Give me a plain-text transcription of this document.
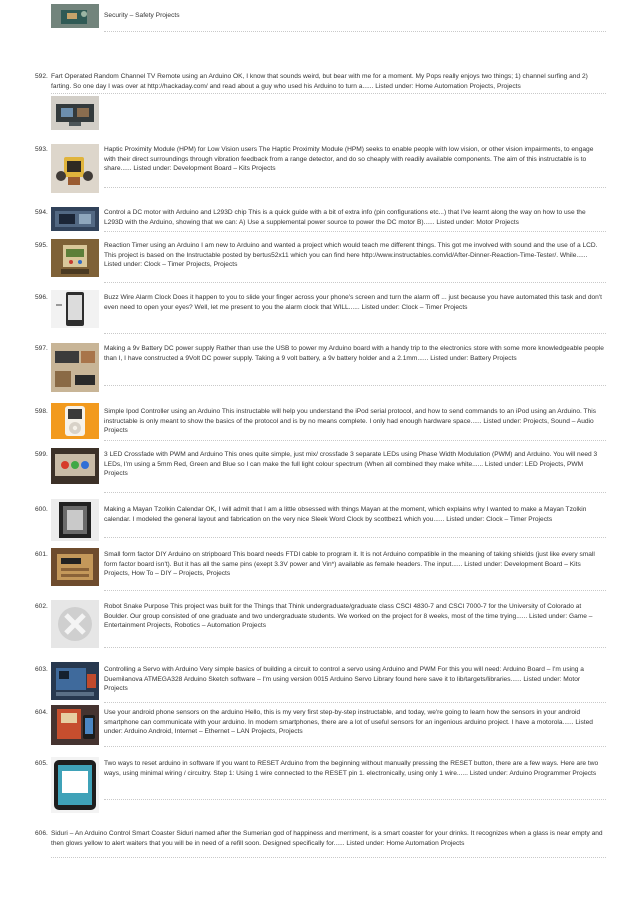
Security – Safety Projects
592. Fart Operated Random Channel TV Remote using an Arduino OK, I know that sounds weird, but bear with me for a moment. My Pops really enjoys two things; 1) channel surfing and 2) farting. So one day I was over at http://hackaday.com/ and read about a guy who used his Arduino to turn a...... Listed under: Home Automation Projects, Projects
593.	Haptic Proximity Module (HPM) for Low Vision users The Haptic Proximity Module (HPM) seeks to enable people with low vision, or other vision impairments, to engage with their direct surroundings through vibration feedback from a range detector, and do so cheaply with readily available components. The aim of this instructable is to share...... Listed under: Development Board – Kits Projects
594.	Control a DC motor with Arduino and L293D chip This is a quick guide with a bit of extra info (pin configurations etc...) that I've learnt along the way on how to use the L293D with the Arduino, showing that we can: A) Use a supplemental power source to power the DC motor B)...... Listed under: Motor Projects
595.	Reaction Timer using an Arduino I am new to Arduino and wanted a project which would teach me different things. This got me involved with sound and the use of a LCD. This project is based on the Instructable posted by bertus52x11 which you can find here http://www.instructables.com/id/After-Dinner-Reaction-Time-Tester/. While...... Listed under: Clock – Timer Projects, Projects
596.	Buzz Wire Alarm Clock Does it happen to you to slide your finger across your phone's screen and turn the alarm off ... just because you have automated this task and don't even need to open your eyes? Well, let me present to you the alarm clock that WILL...... Listed under: Clock – Timer Projects
597.	Making a 9v Battery DC power supply Rather than use the USB to power my Arduino board with a handy trip to the electronics store with some more knowledgeable people than I, I have constructed a 9Volt DC power supply. Taking a 9 volt battery, a 9v battery holder and a 2.1mm...... Listed under: Battery Projects
598.	Simple Ipod Controller using an Arduino This instructable will help you understand the iPod serial protocol, and how to send commands to an iPod using an Arduino. This instructable is only meant to show the basics of the protocol and is by no means complete. I only had enough hardware space...... Listed under: Projects, Sound – Audio Projects
599.	3 LED Crossfade with PWM and Arduino This ones quite simple, just mix/ crossfade 3 separate LEDs using Phase Width Modulation (PWM) and Arduino. You will need 3 LEDs, I'm using a 5mm Red, Green and Blue so I can make the full light colour spectrum (When all combined they make white...... Listed under: LED Projects, PWM Projects
600.	Making a Mayan Tzolkin Calendar OK, I will admit that I am a little obsessed with things Mayan at the moment, which explains why I wanted to make a Mayan Tzolkin calendar. I modeled the general layout and fabrication on the very nice Sleek Word Clock by scottbez1 which you...... Listed under: Clock – Timer Projects
601.	Small form factor DIY Arduino on stripboard This board needs FTDI cable to program it. It is not Arduino compatible in the meaning of taking shields (just like every small form factor board isn't). But it has all the same pins (exept 3.3V power and Vin*) available as female headers. The input...... Listed under: Development Board – Kits Projects, How To – DIY – Projects, Projects
602.	Robot Snake Purpose This project was built for the Things that Think undergraduate/graduate class CSCI 4830-7 and CSCI 7000-7 for the University of Colorado at Boulder. Our group consisted of one graduate and two undergraduate students. We worked on the project for 8 weeks, most of the time trying...... Listed under: Game – Entertainment Projects, Robotics – Automation Projects
603.	Controlling a Servo with Arduino Very simple basics of building a circuit to control a servo using Arduino and PWM For this you will need: Arduino Board – I'm using a Duemilanova ATMEGA328 Arduino Sketch software – I'm using version 0015 Arduino Servo Library found here save it to lib/targets/libraries...... Listed under: Motor Projects
604.	Use your android phone sensors on the arduino Hello, this is my very first step-by-step instructable, and today, we're going to learn how the sensors in your android smartphone can communicate with your arduino. In modern smartphones, there are a lot of useful sensors for an ingenious arduino project. I have a motorola...... Listed under: Arduino Android, Internet – Ethernet – LAN Projects, Projects
605.	Two ways to reset arduino in software If you want to RESET Arduino from the beginning without manually pressing the RESET button, there are a few ways. Here are two ways, using minimal wiring / circuitry. Step 1: Using 1 wire connected to the RESET pin 1. electronically, using only 1 wire...... Listed under: Arduino Programmer Projects
606. Siduri – An Arduino Control Smart Coaster Siduri named after the Sumerian god of happiness and merriment, is a smart coaster for your drinks. It recognizes when a glass is near empty and then glows yellow to alert waiters that you will be in need of a refill soon. Designed specifically for...... Listed under: Home Automation Projects
